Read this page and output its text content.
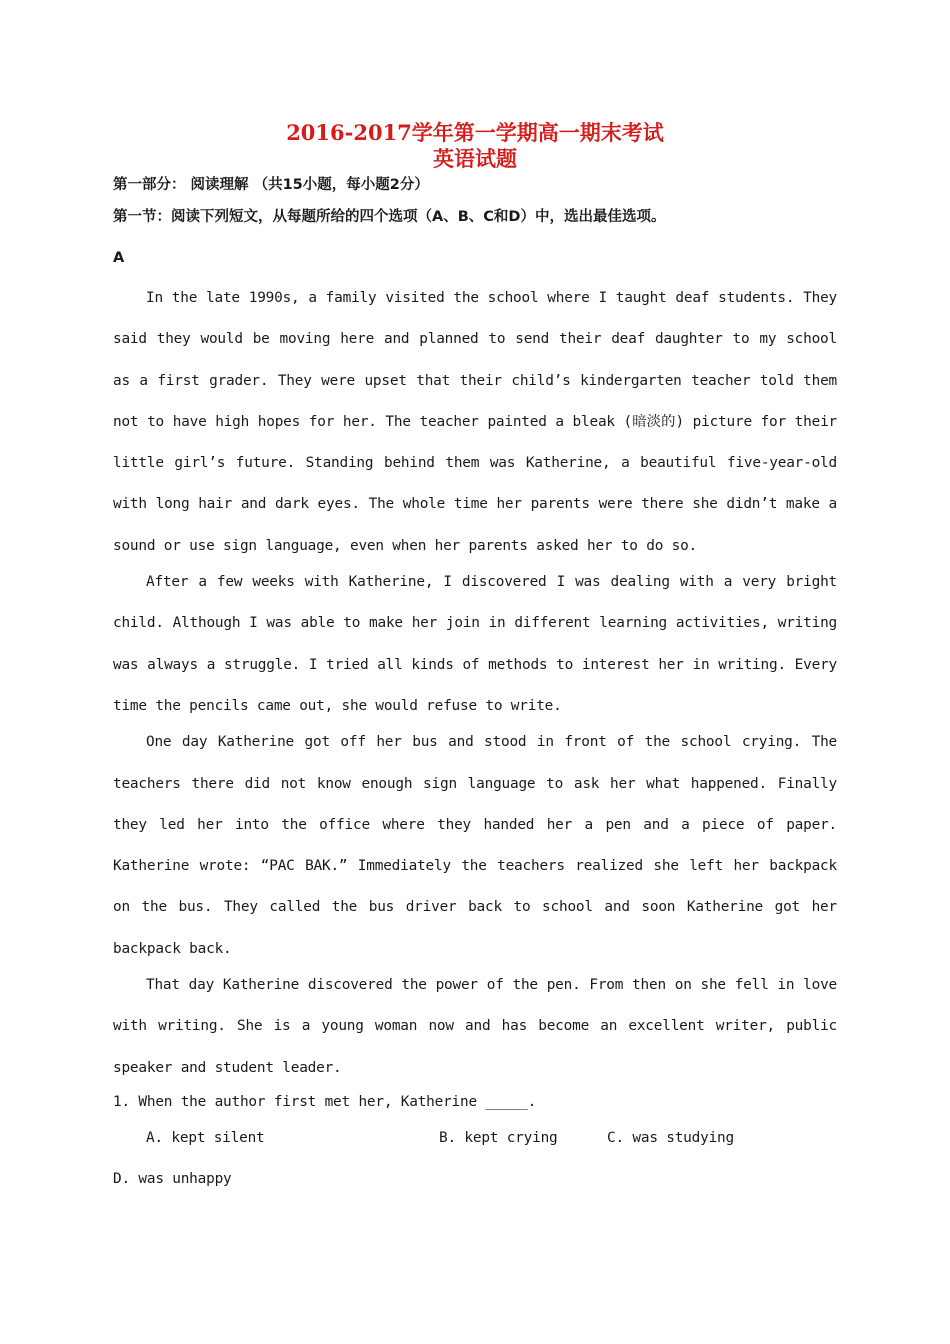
2016-2017学年第一学期高一期末考试
英语试题
第一部分： 阅读理解 （共15小题，每小题2分）
第一节：阅读下列短文，从每题所给的四个选项（A、B、C和D）中，选出最佳选项。
A

In the late 1990s, a family visited the school where I taught deaf students. They said they would be moving here and planned to send their deaf daughter to my school as a first grader. They were upset that their child’s kindergarten teacher told them not to have high hopes for her. The teacher painted a bleak (暗淡的) picture for their little girl’s future. Standing behind them was Katherine, a beautiful five-year-old with long hair and dark eyes. The whole time her parents were there she didn’t make a sound or use sign language, even when her parents asked her to do so.

After a few weeks with Katherine, I discovered I was dealing with a very bright child. Although I was able to make her join in different learning activities, writing was always a struggle. I tried all kinds of methods to interest her in writing. Every time the pencils came out, she would refuse to write.

One day Katherine got off her bus and stood in front of the school crying. The teachers there did not know enough sign language to ask her what happened. Finally they led her into the office where they handed her a pen and a piece of paper. Katherine wrote: “PAC BAK.” Immediately the teachers realized she left her backpack on the bus. They called the bus driver back to school and soon Katherine got her backpack back.

That day Katherine discovered the power of the pen. From then on she fell in love with writing. She is a young woman now and has become an excellent writer, public speaker and student leader.

1. When the author first met her, Katherine _____.

A. kept silent	B. kept crying	C. was studying
D. was unhappy
